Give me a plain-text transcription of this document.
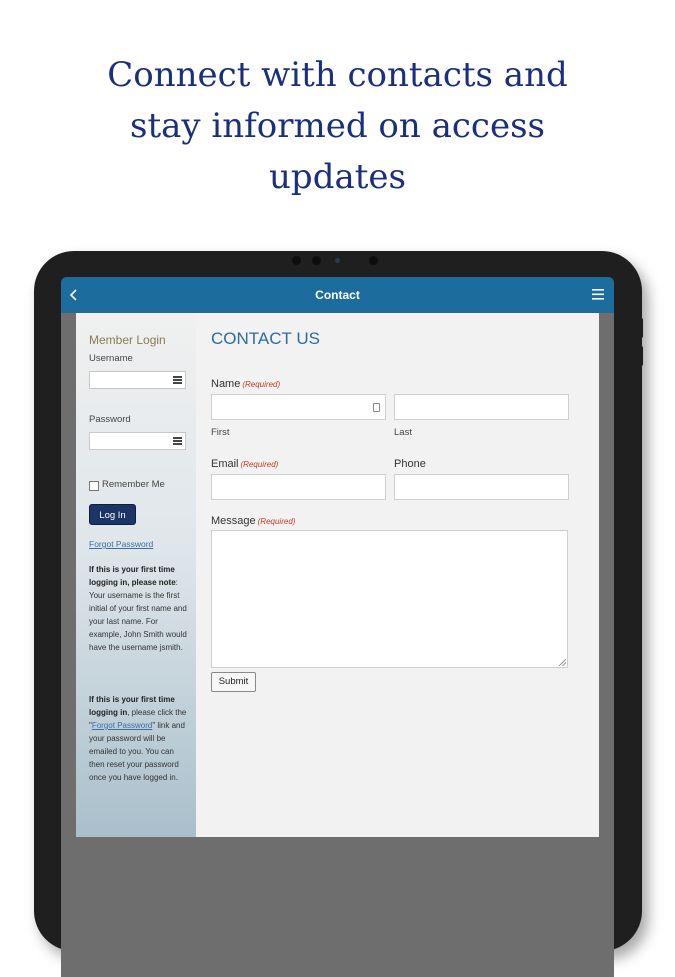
Connect with contacts and
stay informed on access
updates
Contact
Member Login
Username
Password
Remember Me
Log In
Forgot Password
If this is your first time logging in, please note: Your username is the first initial of your first name and your last name. For example, John Smith would have the username jsmith.
If this is your first time logging in, please click the "Forgot Password" link and your password will be emailed to you. You can then reset your password once you have logged in.
CONTACT US
Name (Required)
First	Last
Email (Required)	Phone
Message (Required)
Submit
